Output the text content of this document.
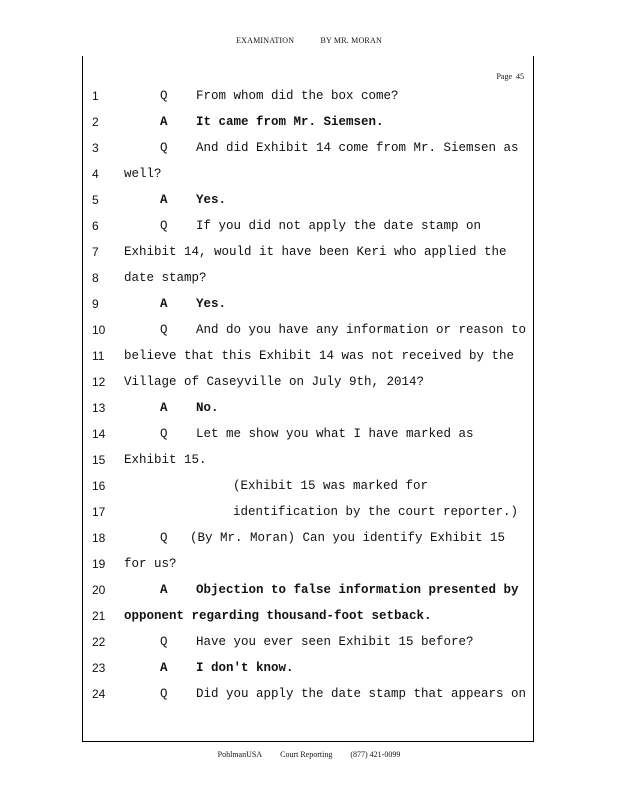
EXAMINATION	BY MR. MORAN
Page 45
1	Q From whom did the box come?
2	A It came from Mr. Siemsen.
3	Q And did Exhibit 14 come from Mr. Siemsen as
4	well?
5	A Yes.
6	Q If you did not apply the date stamp on
7	Exhibit 14, would it have been Keri who applied the
8	date stamp?
9	A Yes.
10	Q And do you have any information or reason to
11 believe that this Exhibit 14 was not received by the
12 Village of Caseyville on July 9th, 2014?
13	A No.
14	Q Let me show you what I have marked as
15 Exhibit 15.
16	(Exhibit 15 was marked for
17	identification by the court reporter.)
18	Q (By Mr. Moran) Can you identify Exhibit 15
19 for us?
20	A Objection to false information presented by
21 opponent regarding thousand-foot setback.
22	Q Have you ever seen Exhibit 15 before?
23	A I don't know.
24	Q Did you apply the date stamp that appears on
PohlmanUSA Court Reporting (877) 421-0099
